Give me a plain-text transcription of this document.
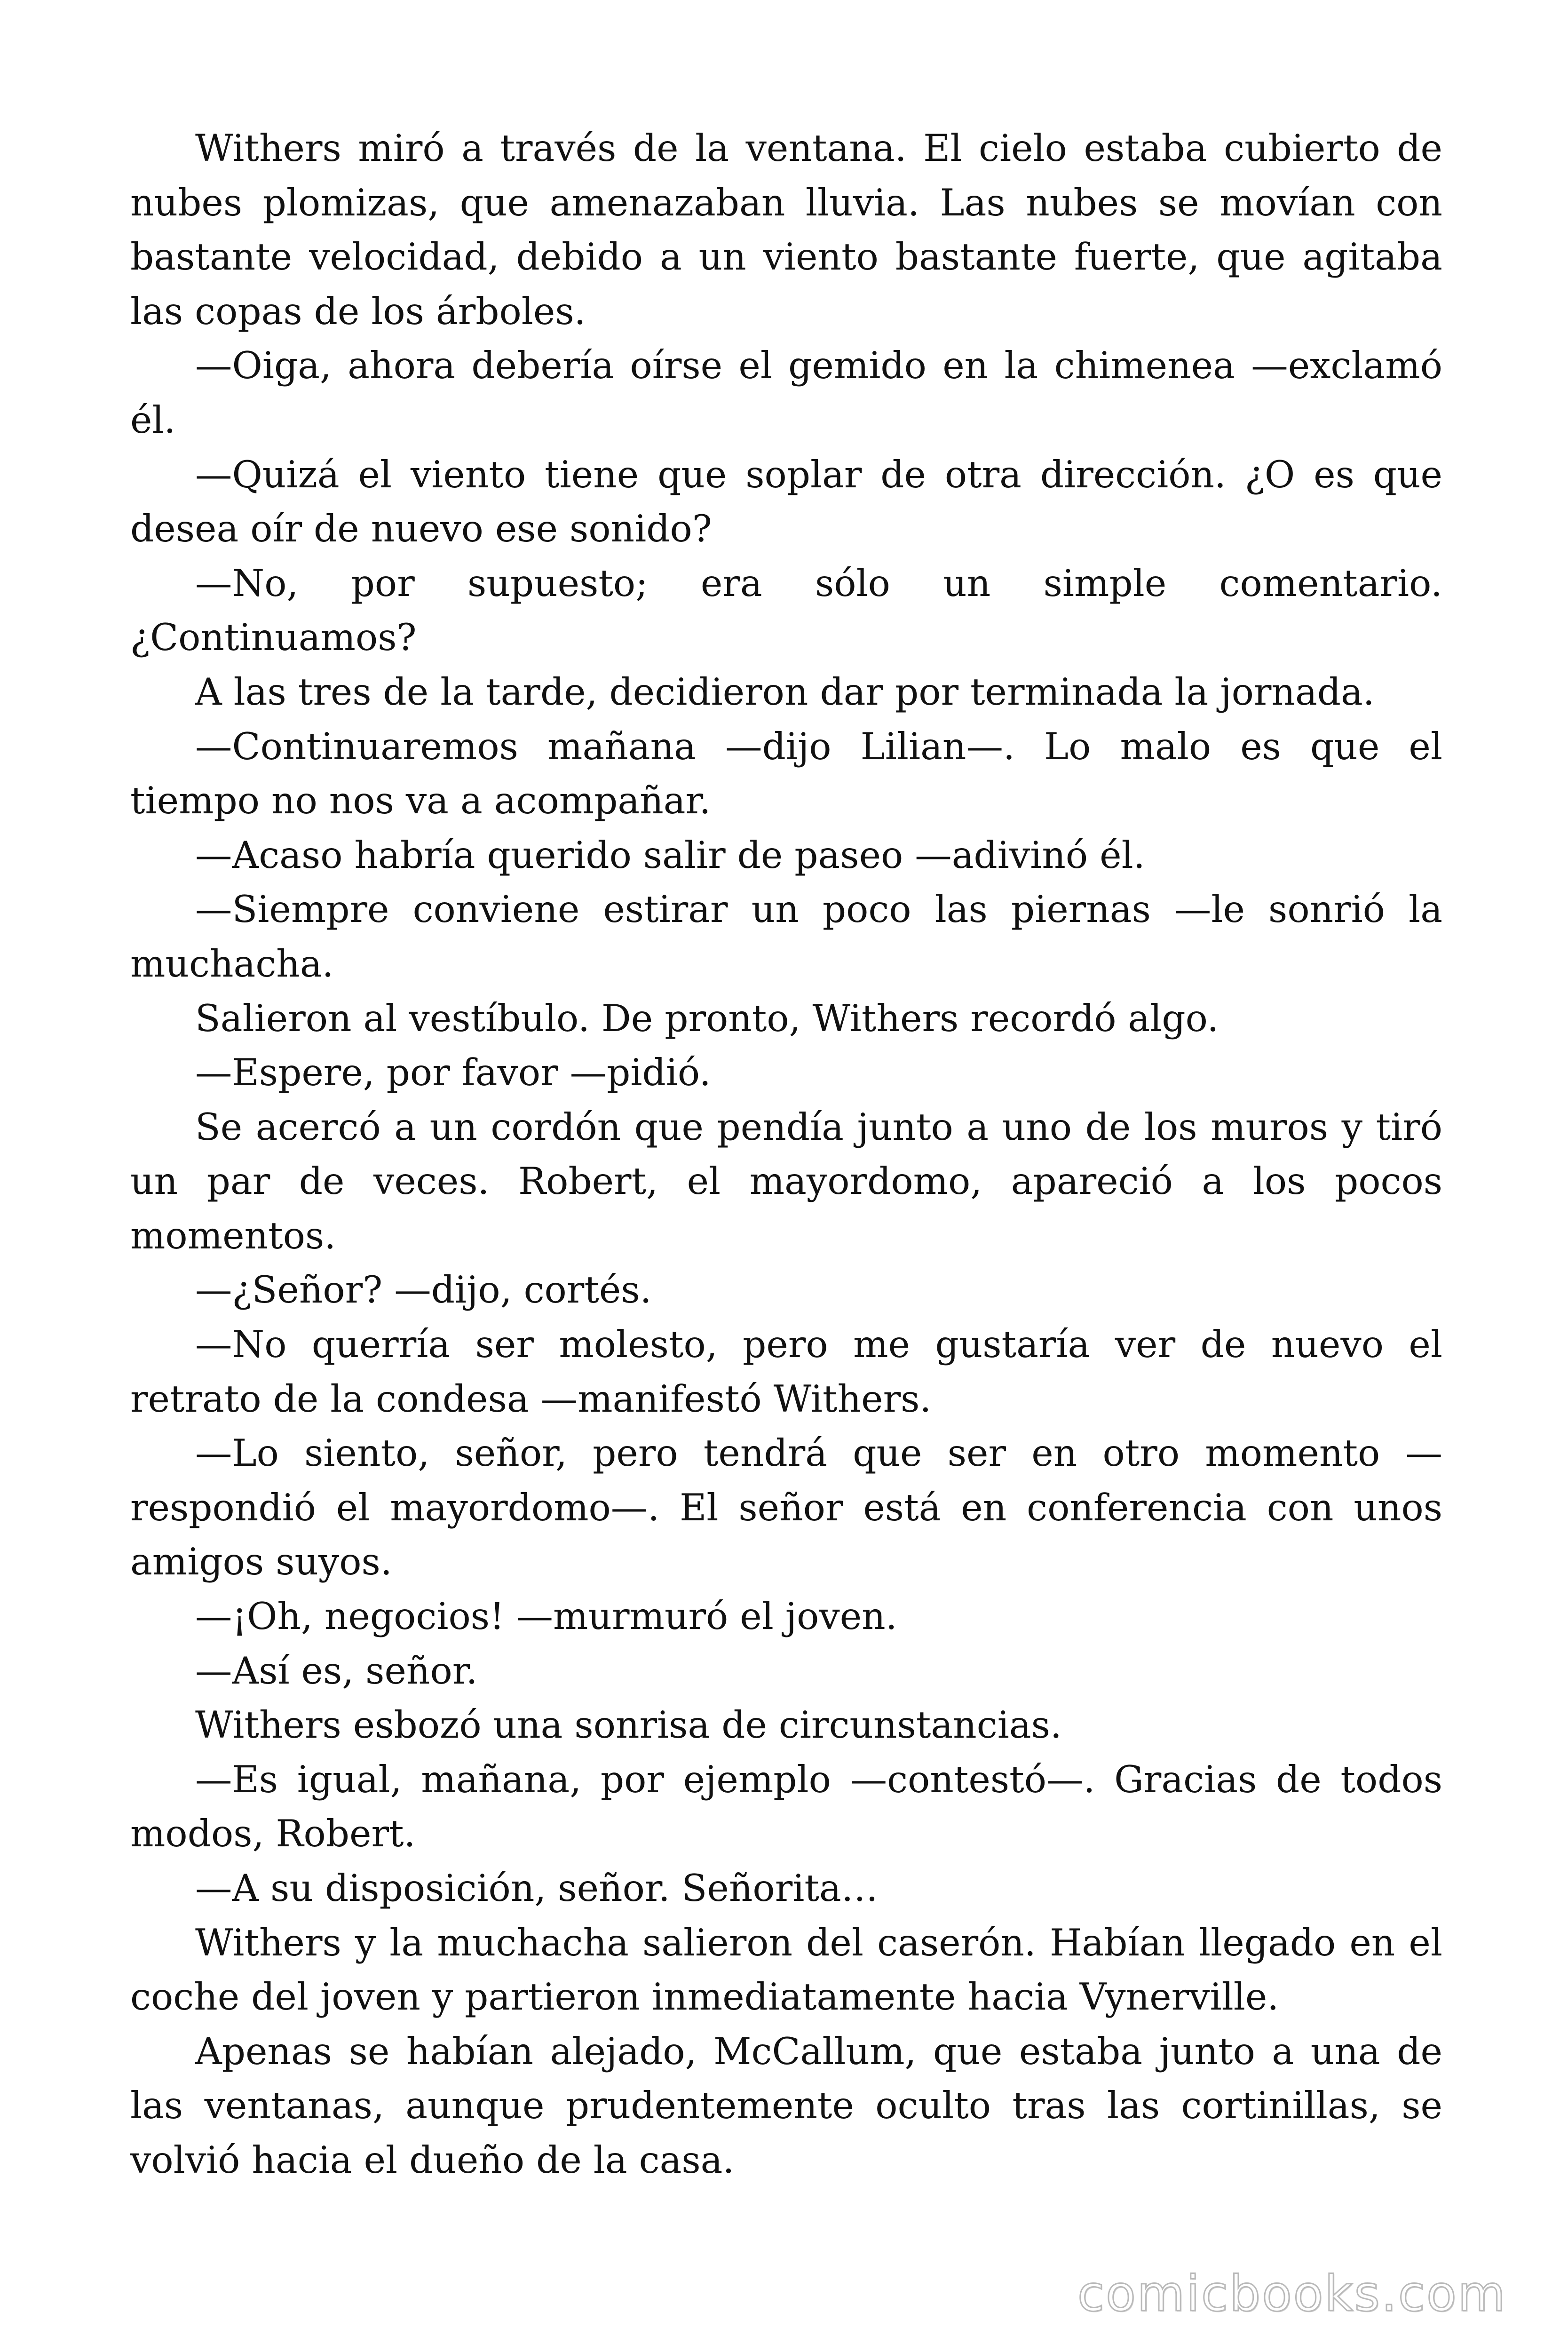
Withers miró a través de la ventana. El cielo estaba cubierto de nubes plomizas, que amenazaban lluvia. Las nubes se movían con bastante velocidad, debido a un viento bastante fuerte, que agitaba las copas de los árboles.

—Oiga, ahora debería oírse el gemido en la chimenea —exclamó él.

—Quizá el viento tiene que soplar de otra dirección. ¿O es que desea oír de nuevo ese sonido?

—No, por supuesto; era sólo un simple comentario. ¿Continuamos?

A las tres de la tarde, decidieron dar por terminada la jornada.

—Continuaremos mañana —dijo Lilian—. Lo malo es que el tiempo no nos va a acompañar.

—Acaso habría querido salir de paseo —adivinó él.

—Siempre conviene estirar un poco las piernas —le sonrió la muchacha.

Salieron al vestíbulo. De pronto, Withers recordó algo.

—Espere, por favor —pidió.

Se acercó a un cordón que pendía junto a uno de los muros y tiró un par de veces. Robert, el mayordomo, apareció a los pocos momentos.

—¿Señor? —dijo, cortés.

—No querría ser molesto, pero me gustaría ver de nuevo el retrato de la condesa —manifestó Withers.

—Lo siento, señor, pero tendrá que ser en otro momento — respondió el mayordomo—. El señor está en conferencia con unos amigos suyos.

—¡Oh, negocios! —murmuró el joven.

—Así es, señor.

Withers esbozó una sonrisa de circunstancias.

—Es igual, mañana, por ejemplo —contestó—. Gracias de todos modos, Robert.

—A su disposición, señor. Señorita…

Withers y la muchacha salieron del caserón. Habían llegado en el coche del joven y partieron inmediatamente hacia Vynerville.

Apenas se habían alejado, McCallum, que estaba junto a una de las ventanas, aunque prudentemente oculto tras las cortinillas, se volvió hacia el dueño de la casa.

comicbooks.com
